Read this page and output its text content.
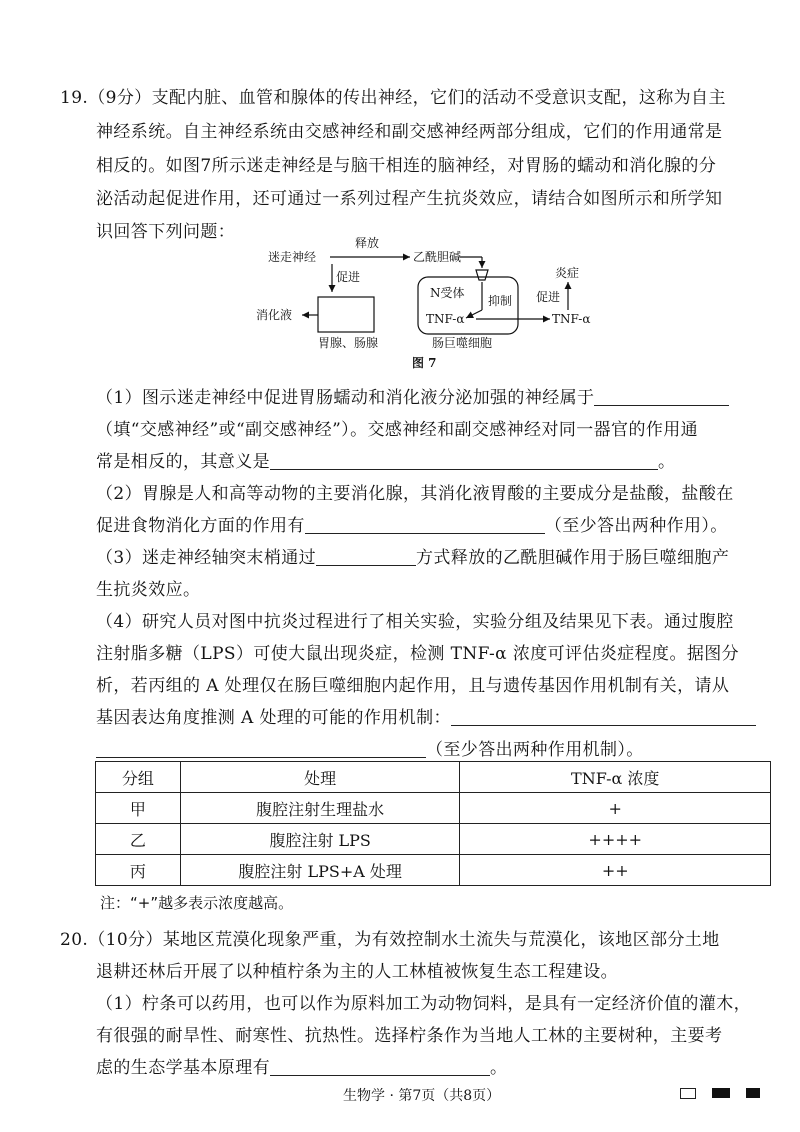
19.（9分）支配内脏、血管和腺体的传出神经，它们的活动不受意识支配，这称为自主
神经系统。自主神经系统由交感神经和副交感神经两部分组成，它们的作用通常是
相反的。如图7所示迷走神经是与脑干相连的脑神经，对胃肠的蠕动和消化腺的分
泌活动起促进作用，还可通过一系列过程产生抗炎效应，请结合如图所示和所学知
识回答下列问题：
迷走神经
释放
乙酰胆碱
促进
消化液
胃腺、肠腺
N受体
抑制
TNF-α
肠巨噬细胞
炎症
促进
TNF-α
图 7
（1）图示迷走神经中促进胃肠蠕动和消化液分泌加强的神经属于
（填“交感神经”或“副交感神经”）。交感神经和副交感神经对同一器官的作用通
常是相反的，其意义是	。
（2）胃腺是人和高等动物的主要消化腺，其消化液胃酸的主要成分是盐酸，盐酸在
促进食物消化方面的作用有	（至少答出两种作用）。
（3）迷走神经轴突末梢通过	方式释放的乙酰胆碱作用于肠巨噬细胞产
生抗炎效应。
（4）研究人员对图中抗炎过程进行了相关实验，实验分组及结果见下表。通过腹腔
注射脂多糖（LPS）可使大鼠出现炎症，检测 TNF-α 浓度可评估炎症程度。据图分
析，若丙组的 A 处理仅在肠巨噬细胞内起作用，且与遗传基因作用机制有关，请从
基因表达角度推测 A 处理的可能的作用机制：
（至少答出两种作用机制）。
分组	处理	TNF-α 浓度
甲	腹腔注射生理盐水	+
乙	腹腔注射 LPS	++++
丙	腹腔注射 LPS+A 处理	++
注：“+”越多表示浓度越高。
20.（10分）某地区荒漠化现象严重，为有效控制水土流失与荒漠化，该地区部分土地
退耕还林后开展了以种植柠条为主的人工林植被恢复生态工程建设。
（1）柠条可以药用，也可以作为原料加工为动物饲料，是具有一定经济价值的灌木，
有很强的耐旱性、耐寒性、抗热性。选择柠条作为当地人工林的主要树种，主要考
虑的生态学基本原理有	。
生物学 · 第7页（共8页）
